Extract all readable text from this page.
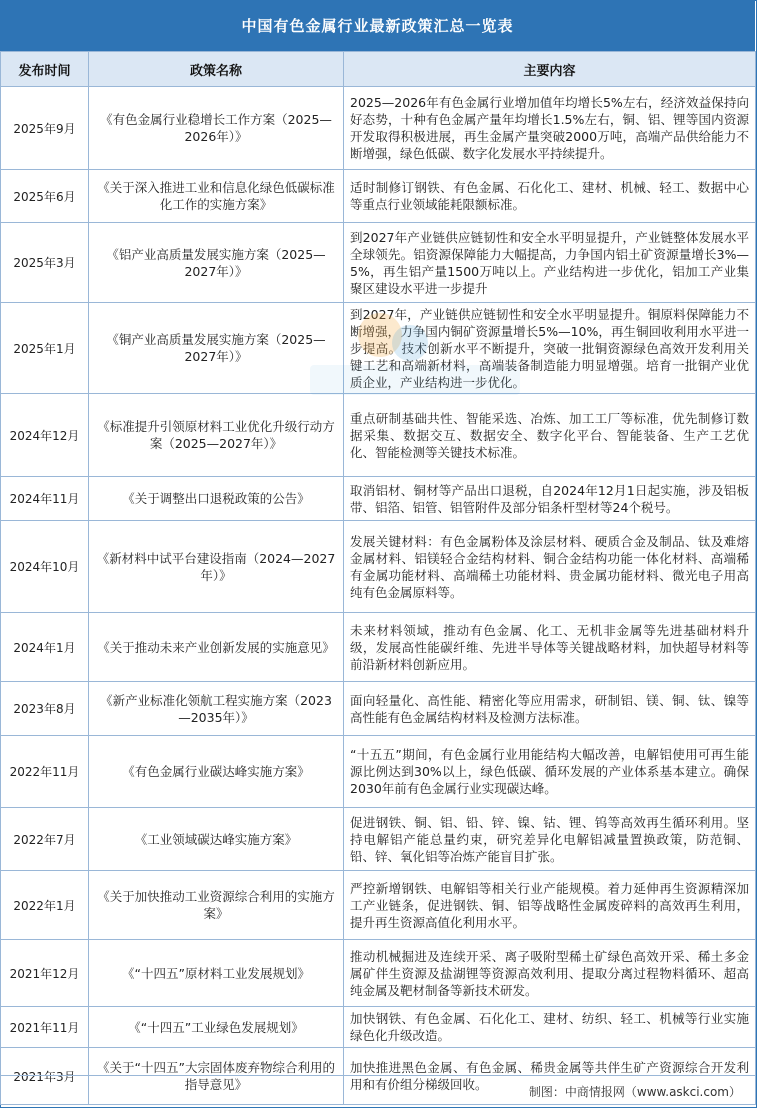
中国有色金属行业最新政策汇总一览表
发布时间	政策名称	主要内容
2025年9月	《有色金属行业稳增长工作方案（2025—2026年）》	2025—2026年有色金属行业增加值年均增长5%左右，经济效益保持向好态势，十种有色金属产量年均增长1.5%左右，铜、铝、锂等国内资源开发取得积极进展，再生金属产量突破2000万吨，高端产品供给能力不断增强，绿色低碳、数字化发展水平持续提升。
2025年6月	《关于深入推进工业和信息化绿色低碳标准化工作的实施方案》	适时制修订钢铁、有色金属、石化化工、建材、机械、轻工、数据中心等重点行业领域能耗限额标准。
2025年3月	《铝产业高质量发展实施方案（2025—2027年）》	到2027年产业链供应链韧性和安全水平明显提升，产业链整体发展水平全球领先。铝资源保障能力大幅提高，力争国内铝土矿资源量增长3%—5%，再生铝产量1500万吨以上。产业结构进一步优化，铝加工产业集聚区建设水平进一步提升
2025年1月	《铜产业高质量发展实施方案（2025—2027年）》	到2027年，产业链供应链韧性和安全水平明显提升。铜原料保障能力不断增强，力争国内铜矿资源量增长5%—10%，再生铜回收利用水平进一步提高。技术创新水平不断提升，突破一批铜资源绿色高效开发利用关键工艺和高端新材料，高端装备制造能力明显增强。培育一批铜产业优质企业，产业结构进一步优化。
2024年12月	《标准提升引领原材料工业优化升级行动方案（2025—2027年）》	重点研制基础共性、智能采选、冶炼、加工工厂等标准，优先制修订数据采集、数据交互、数据安全、数字化平台、智能装备、生产工艺优化、智能检测等关键技术标准。
2024年11月	《关于调整出口退税政策的公告》	取消铝材、铜材等产品出口退税，自2024年12月1日起实施，涉及铝板带、铝箔、铝管、铝管附件及部分铝条杆型材等24个税号。
2024年10月	《新材料中试平台建设指南（2024—2027年）》	发展关键材料：有色金属粉体及涂层材料、硬质合金及制品、钛及难熔金属材料、铝镁轻合金结构材料、铜合金结构功能一体化材料、高端稀有金属功能材料、高端稀土功能材料、贵金属功能材料、微光电子用高纯有色金属原料等。
2024年1月	《关于推动未来产业创新发展的实施意见》	未来材料领域，推动有色金属、化工、无机非金属等先进基础材料升级，发展高性能碳纤维、先进半导体等关键战略材料，加快超导材料等前沿新材料创新应用。
2023年8月	《新产业标准化领航工程实施方案（2023—2035年）》	面向轻量化、高性能、精密化等应用需求，研制铝、镁、铜、钛、镍等高性能有色金属结构材料及检测方法标准。
2022年11月	《有色金属行业碳达峰实施方案》	“十五五”期间，有色金属行业用能结构大幅改善，电解铝使用可再生能源比例达到30%以上，绿色低碳、循环发展的产业体系基本建立。确保2030年前有色金属行业实现碳达峰。
2022年7月	《工业领域碳达峰实施方案》	促进钢铁、铜、铝、铅、锌、镍、钴、锂、钨等高效再生循环利用。坚持电解铝产能总量约束，研究差异化电解铝减量置换政策，防范铜、铅、锌、氧化铝等冶炼产能盲目扩张。
2022年1月	《关于加快推动工业资源综合利用的实施方案》	严控新增钢铁、电解铝等相关行业产能规模。着力延伸再生资源精深加工产业链条，促进钢铁、铜、铝等战略性金属废碎料的高效再生利用，提升再生资源高值化利用水平。
2021年12月	《“十四五”原材料工业发展规划》	推动机械掘进及连续开采、离子吸附型稀土矿绿色高效开采、稀土多金属矿伴生资源及盐湖锂等资源高效利用、提取分离过程物料循环、超高纯金属及靶材制备等新技术研发。
2021年11月	《“十四五”工业绿色发展规划》	加快钢铁、有色金属、石化化工、建材、纺织、轻工、机械等行业实施绿色化升级改造。
2021年3月	《关于“十四五”大宗固体废弃物综合利用的指导意见》	加快推进黑色金属、有色金属、稀贵金属等共伴生矿产资源综合开发利用和有价组分梯级回收。	制图：中商情报网（www.askci.com）
